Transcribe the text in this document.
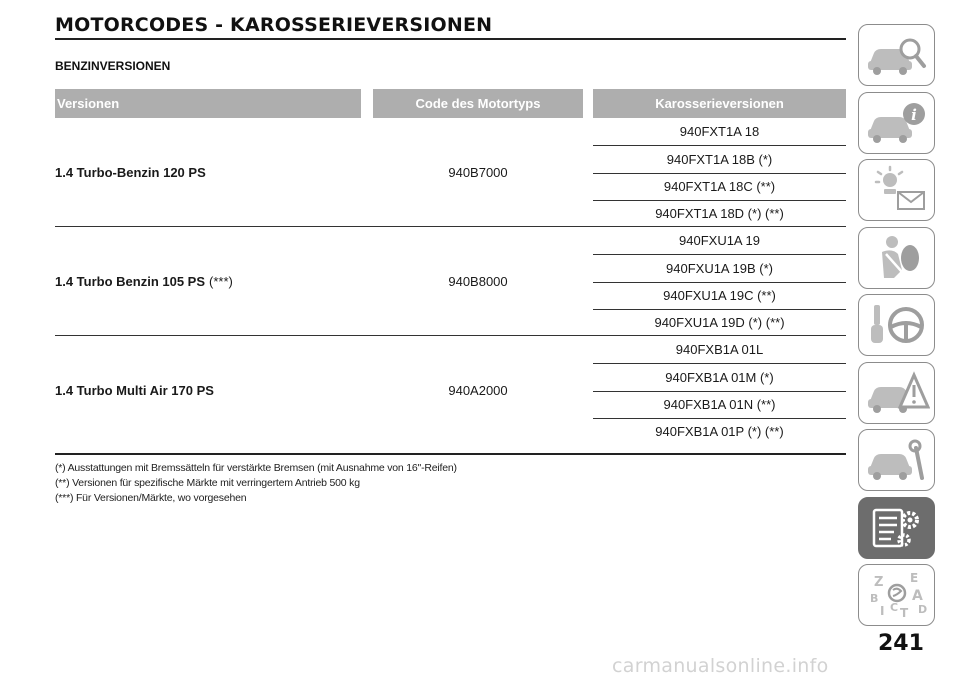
MOTORCODES - KAROSSERIEVERSIONEN
BENZINVERSIONEN
Versionen	Code des Motortyps	Karosserieversionen
1.4 Turbo-Benzin 120 PS	940B7000
940FXT1A 18
940FXT1A 18B (*)
940FXT1A 18C (**)
940FXT1A 18D (*) (**)
1.4 Turbo Benzin 105 PS (***)	940B8000
940FXU1A 19
940FXU1A 19B (*)
940FXU1A 19C (**)
940FXU1A 19D (*) (**)
1.4 Turbo Multi Air 170 PS	940A2000
940FXB1A 01L
940FXB1A 01M (*)
940FXB1A 01N (**)
940FXB1A 01P (*) (**)
(*) Ausstattungen mit Bremssätteln für verstärkte Bremsen (mit Ausnahme von 16"-Reifen)
(**) Versionen für spezifische Märkte mit verringertem Antrieb 500 kg
(***) Für Versionen/Märkte, wo vorgesehen
i
Z E
B A
I C T D
241
carmanualsonline.info
